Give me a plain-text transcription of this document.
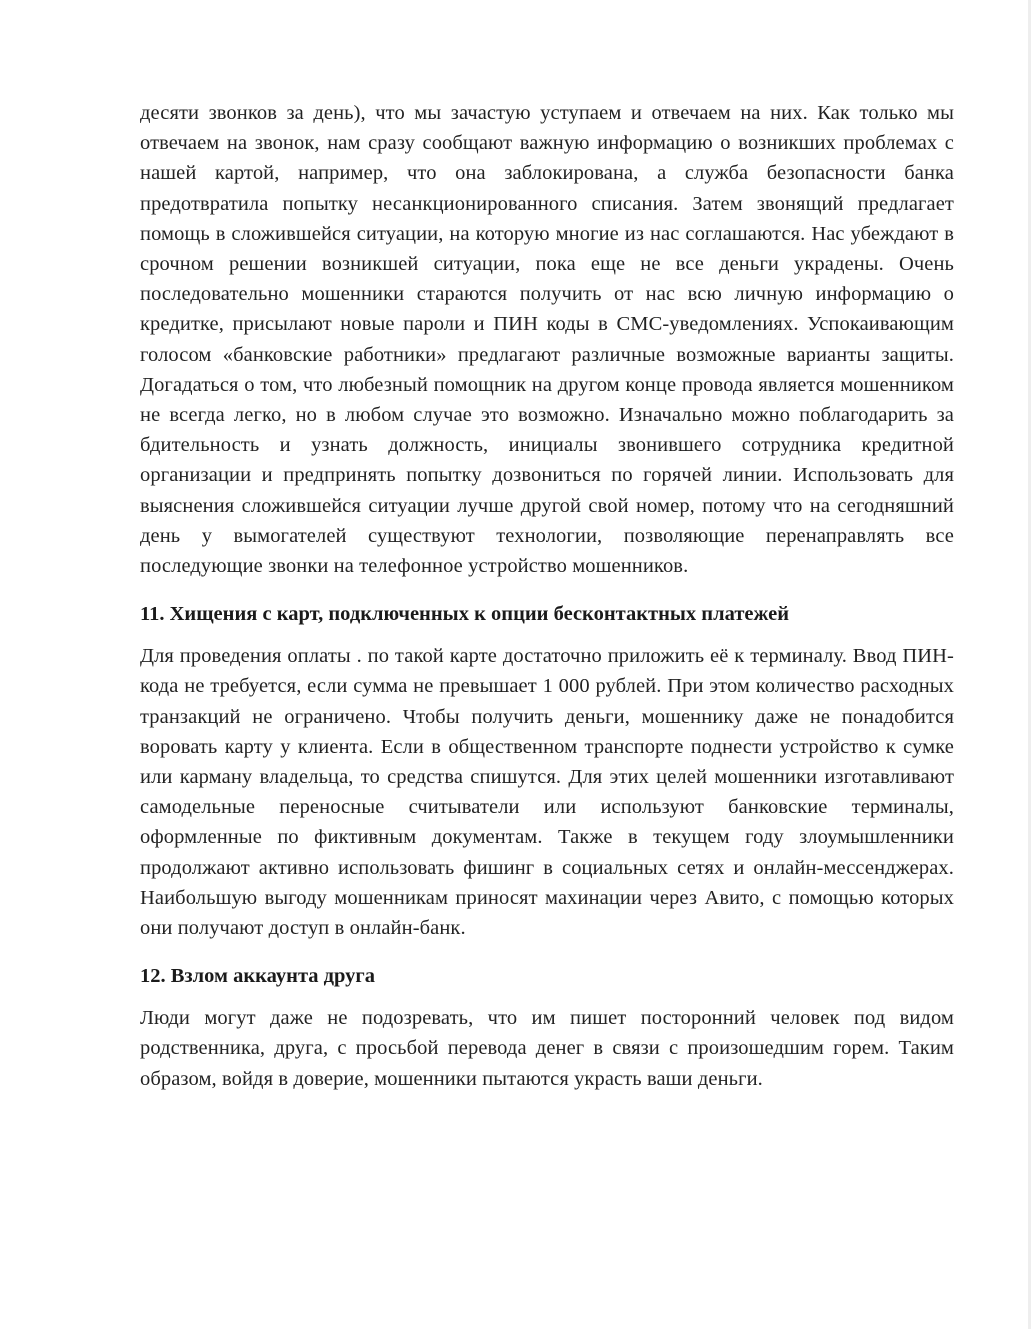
десяти звонков за день), что мы зачастую уступаем и отвечаем на них. Как только мы отвечаем на звонок, нам сразу сообщают важную информацию о возникших проблемах с нашей картой, например, что она заблокирована, а служба безопасности банка предотвратила попытку несанкционированного списания. Затем звонящий предлагает помощь в сложившейся ситуации, на которую многие из нас соглашаются. Нас убеждают в срочном решении возникшей ситуации, пока еще не все деньги украдены. Очень последовательно мошенники стараются получить от нас всю личную информацию о кредитке, присылают новые пароли и ПИН коды в СМС-уведомлениях. Успокаивающим голосом «банковские работники» предлагают различные возможные варианты защиты. Догадаться о том, что любезный помощник на другом конце провода является мошенником не всегда легко, но в любом случае это возможно. Изначально можно поблагодарить за бдительность и узнать должность, инициалы звонившего сотрудника кредитной организации и предпринять попытку дозвониться по горячей линии. Использовать для выяснения сложившейся ситуации лучше другой свой номер, потому что на сегодняшний день у вымогателей существуют технологии, позволяющие перенаправлять все последующие звонки на телефонное устройство мошенников.

11. Хищения с карт, подключенных к опции бесконтактных платежей

Для проведения оплаты . по такой карте достаточно приложить её к терминалу. Ввод ПИН-кода не требуется, если сумма не превышает 1 000 рублей. При этом количество расходных транзакций не ограничено. Чтобы получить деньги, мошеннику даже не понадобится воровать карту у клиента. Если в общественном транспорте поднести устройство к сумке или карману владельца, то средства спишутся. Для этих целей мошенники изготавливают самодельные переносные считыватели или используют банковские терминалы, оформленные по фиктивным документам. Также в текущем году злоумышленники продолжают активно использовать фишинг в социальных сетях и онлайн-мессенджерах. Наибольшую выгоду мошенникам приносят махинации через Авито, с помощью которых они получают доступ в онлайн-банк.

12. Взлом аккаунта друга

Люди могут даже не подозревать, что им пишет посторонний человек под видом родственника, друга, с просьбой перевода денег в связи с произошедшим горем. Таким образом, войдя в доверие, мошенники пытаются украсть ваши деньги.
